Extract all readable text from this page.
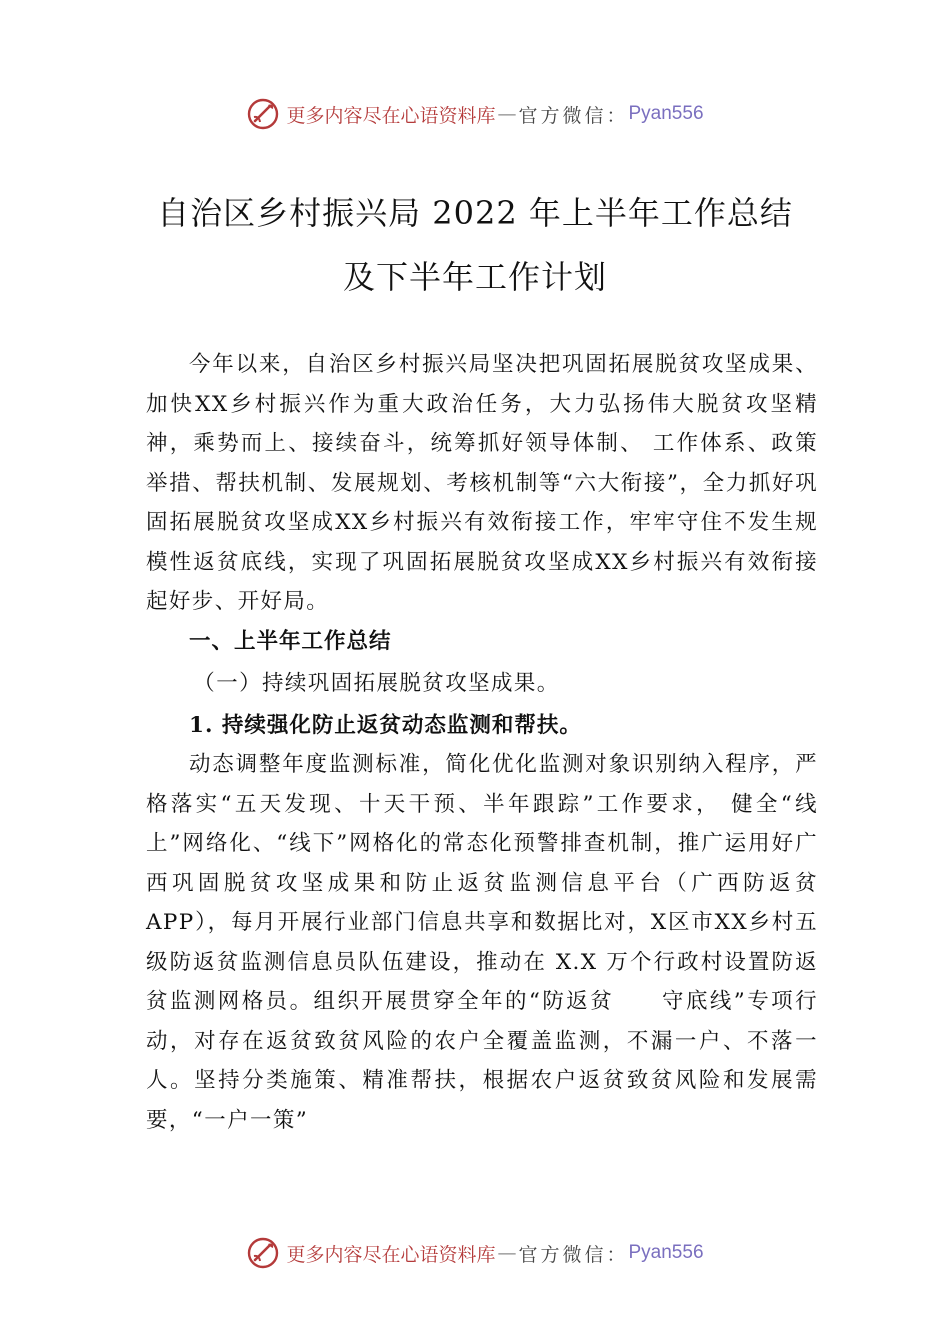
更多内容尽在心语资料库 — 官方微信： Pyan556
自治区乡村振兴局 2022 年上半年工作总结
及下半年工作计划

今年以来，自治区乡村振兴局坚决把巩固拓展脱贫攻坚成果、加快XX乡村振兴作为重大政治任务，大力弘扬伟大脱贫攻坚精神，乘势而上、接续奋斗，统筹抓好领导体制、 工作体系、政策举措、帮扶机制、发展规划、考核机制等“六大衔接”，全力抓好巩固拓展脱贫攻坚成XX乡村振兴有效衔接工作，牢牢守住不发生规模性返贫底线，实现了巩固拓展脱贫攻坚成XX乡村振兴有效衔接起好步、开好局。

一、上半年工作总结

（一）持续巩固拓展脱贫攻坚成果。

1. 持续强化防止返贫动态监测和帮扶。

动态调整年度监测标准，简化优化监测对象识别纳入程序，严格落实“五天发现、十天干预、半年跟踪”工作要求， 健全“线上”网络化、“线下”网格化的常态化预警排查机制，推广运用好广西巩固脱贫攻坚成果和防止返贫监测信息平台（广西防返贫 APP），每月开展行业部门信息共享和数据比对，X区市XX乡村五级防返贫监测信息员队伍建设，推动在 X.X 万个行政村设置防返贫监测网格员。组织开展贯穿全年的“防返贫　　守底线”专项行动，对存在返贫致贫风险的农户全覆盖监测，不漏一户、不落一人。坚持分类施策、精准帮扶，根据农户返贫致贫风险和发展需要，“一户一策”

更多内容尽在心语资料库 — 官方微信： Pyan556
